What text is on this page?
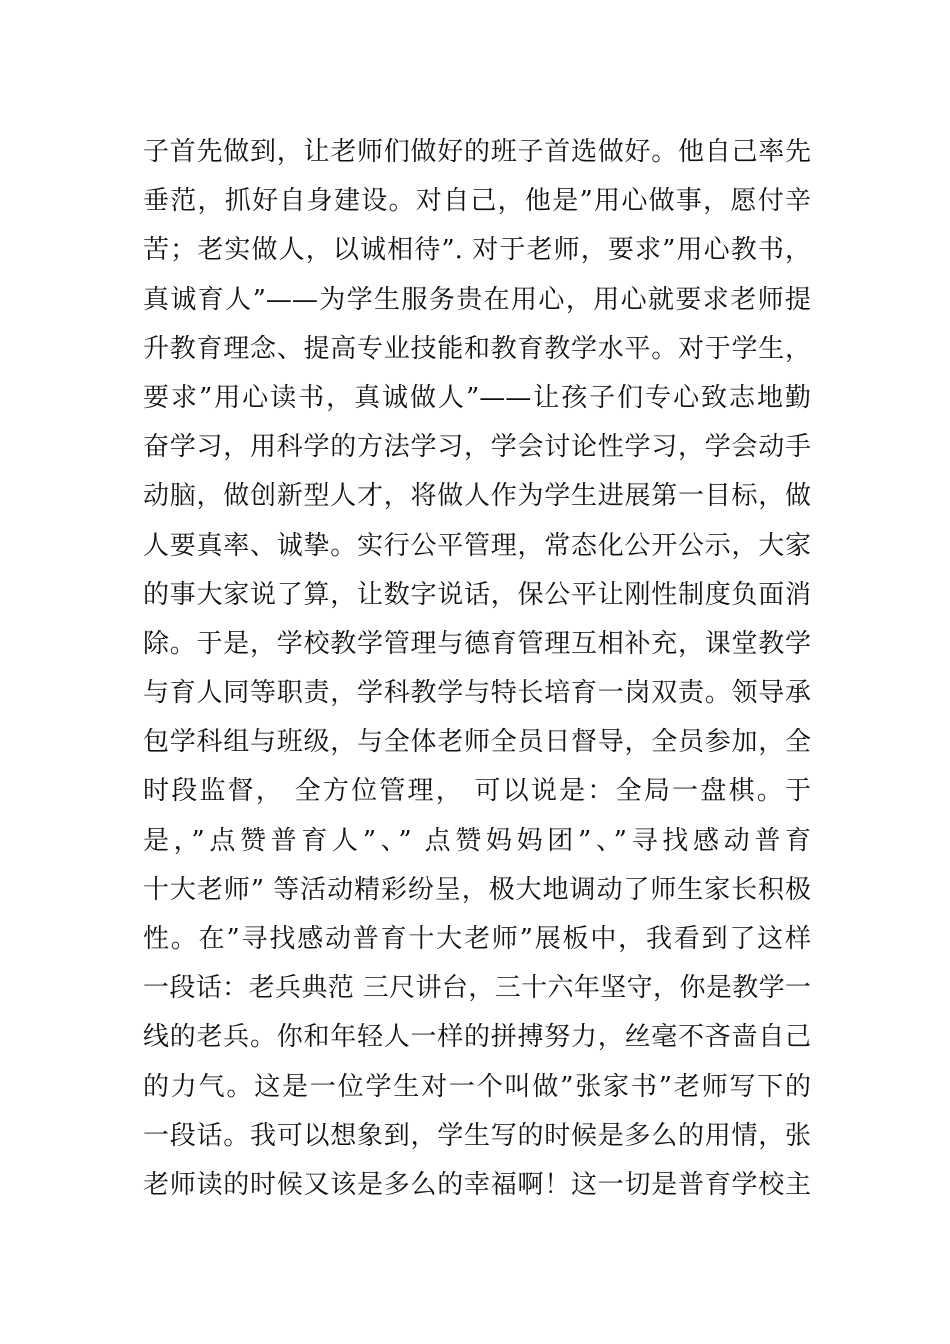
子首先做到，让老师们做好的班子首选做好。他自己率先
垂范，抓好自身建设。对自己，他是”用心做事，愿付辛
苦；老实做人，以诚相待”. 对于老师，要求”用心教书，
真诚育人”——为学生服务贵在用心，用心就要求老师提
升教育理念、提高专业技能和教育教学水平。对于学生，
要求”用心读书，真诚做人”——让孩子们专心致志地勤
奋学习，用科学的方法学习，学会讨论性学习，学会动手
动脑，做创新型人才，将做人作为学生进展第一目标，做
人要真率、诚挚。实行公平管理，常态化公开公示，大家
的事大家说了算，让数字说话，保公平让刚性制度负面消
除。于是，学校教学管理与德育管理互相补充，课堂教学
与育人同等职责，学科教学与特长培育一岗双责。领导承
包学科组与班级，与全体老师全员日督导，全员参加，全
时段监督， 全方位管理， 可以说是：全局一盘棋。于
是，”点赞普育人”、” 点赞妈妈团”、”寻找感动普育
十大老师” 等活动精彩纷呈，极大地调动了师生家长积极
性。在”寻找感动普育十大老师”展板中，我看到了这样
一段话：老兵典范 三尺讲台，三十六年坚守，你是教学一
线的老兵。你和年轻人一样的拼搏努力，丝毫不吝啬自己
的力气。这是一位学生对一个叫做”张家书”老师写下的
一段话。我可以想象到，学生写的时候是多么的用情，张
老师读的时候又该是多么的幸福啊！这一切是普育学校主
